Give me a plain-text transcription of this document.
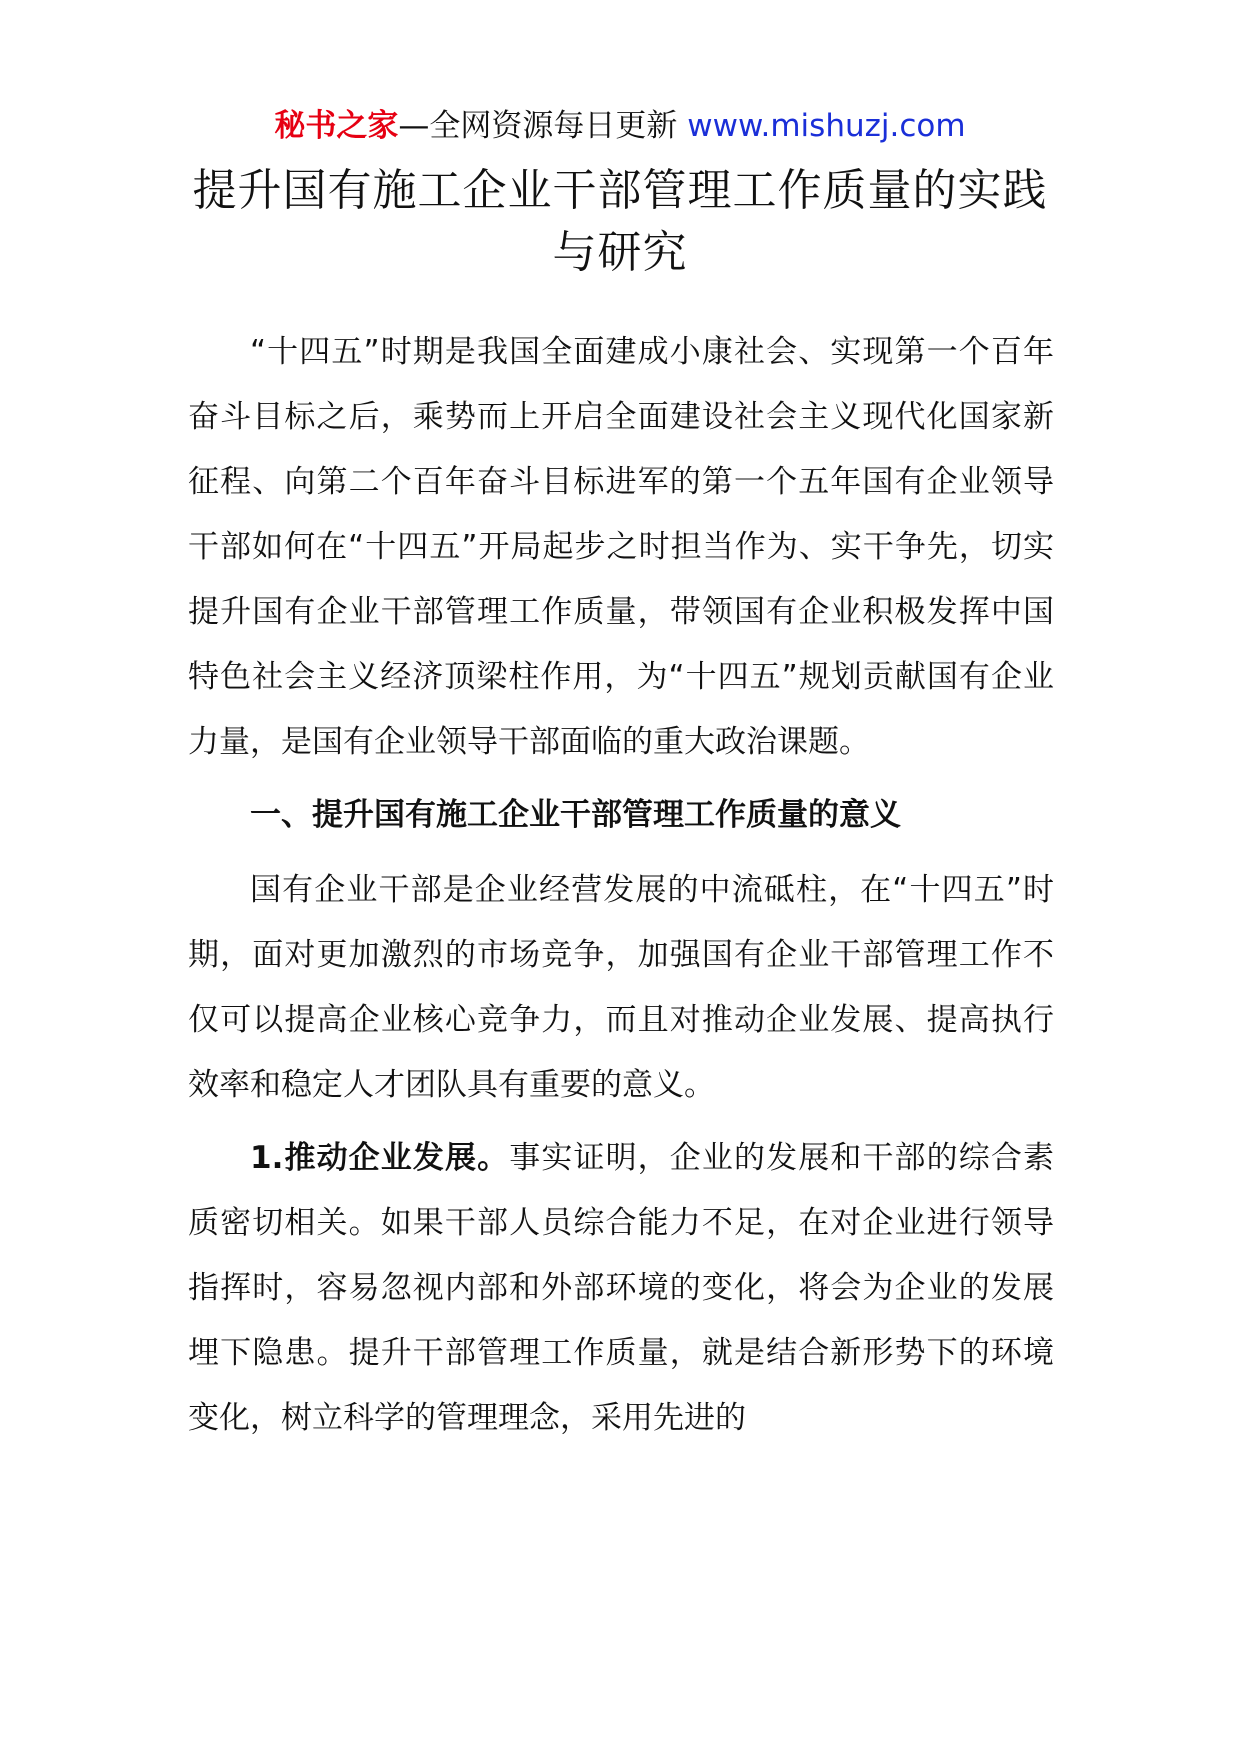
秘书之家—全网资源每日更新 www.mishuzj.com
提升国有施工企业干部管理工作质量的实践与研究

“十四五”时期是我国全面建成小康社会、实现第一个百年奋斗目标之后，乘势而上开启全面建设社会主义现代化国家新征程、向第二个百年奋斗目标进军的第一个五年国有企业领导干部如何在“十四五”开局起步之时担当作为、实干争先，切实提升国有企业干部管理工作质量，带领国有企业积极发挥中国特色社会主义经济顶梁柱作用，为“十四五”规划贡献国有企业力量，是国有企业领导干部面临的重大政治课题。

一、提升国有施工企业干部管理工作质量的意义

国有企业干部是企业经营发展的中流砥柱，在“十四五”时期，面对更加激烈的市场竞争，加强国有企业干部管理工作不仅可以提高企业核心竞争力，而且对推动企业发展、提高执行效率和稳定人才团队具有重要的意义。

1.推动企业发展。事实证明，企业的发展和干部的综合素质密切相关。如果干部人员综合能力不足，在对企业进行领导指挥时，容易忽视内部和外部环境的变化，将会为企业的发展埋下隐患。提升干部管理工作质量，就是结合新形势下的环境变化，树立科学的管理理念，采用先进的
